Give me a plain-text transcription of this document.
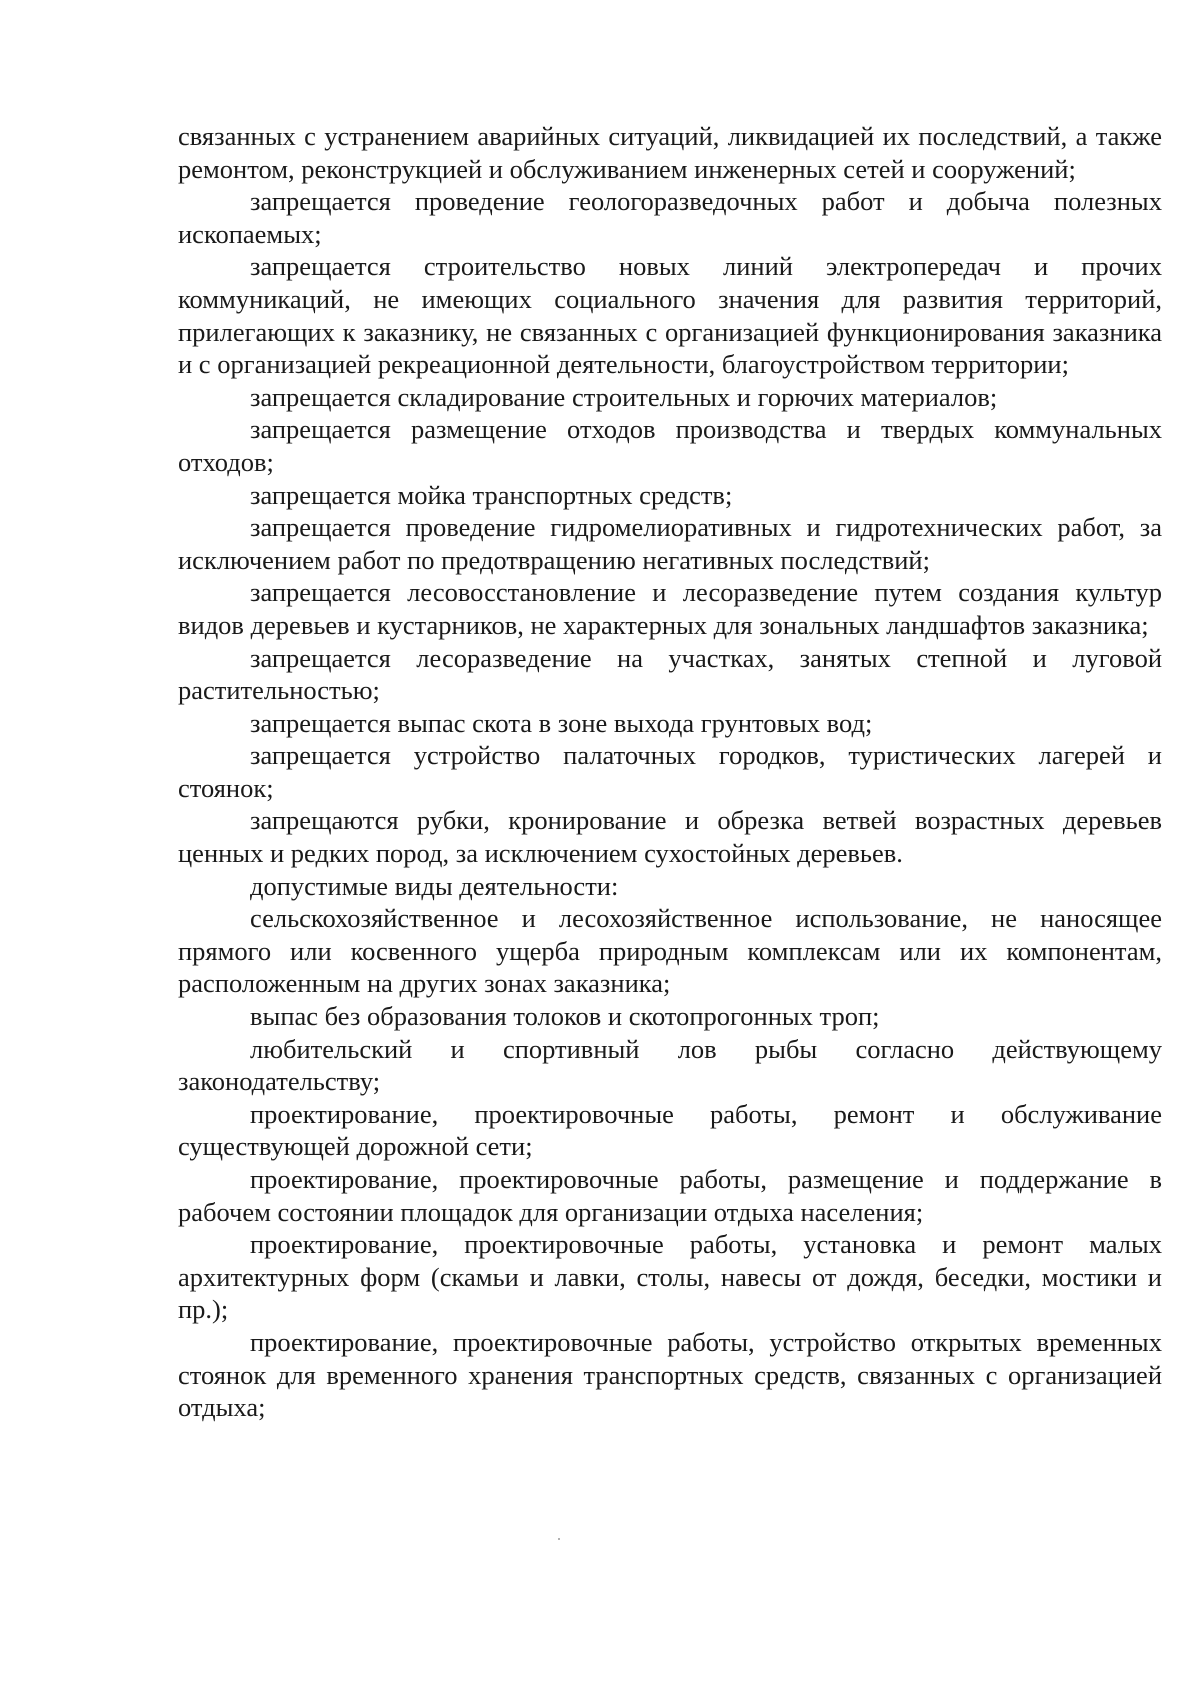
связанных с устранением аварийных ситуаций, ликвидацией их последствий, а также ремонтом, реконструкцией и обслуживанием инженерных сетей и сооружений;

запрещается проведение геологоразведочных работ и добыча полезных ископаемых;

запрещается строительство новых линий электропередач и прочих коммуникаций, не имеющих социального значения для развития территорий, прилегающих к заказнику, не связанных с организацией функционирования заказника и с организацией рекреационной деятельности, благоустройством территории;

запрещается складирование строительных и горючих материалов;

запрещается размещение отходов производства и твердых коммунальных отходов;

запрещается мойка транспортных средств;

запрещается проведение гидромелиоративных и гидротехнических работ, за исключением работ по предотвращению негативных последствий;

запрещается лесовосстановление и лесоразведение путем создания культур видов деревьев и кустарников, не характерных для зональных ландшафтов заказника;

запрещается лесоразведение на участках, занятых степной и луговой растительностью;

запрещается выпас скота в зоне выхода грунтовых вод;

запрещается устройство палаточных городков, туристических лагерей и стоянок;

запрещаются рубки, кронирование и обрезка ветвей возрастных деревьев ценных и редких пород, за исключением сухостойных деревьев.

допустимые виды деятельности:

сельскохозяйственное и лесохозяйственное использование, не наносящее прямого или косвенного ущерба природным комплексам или их компонентам, расположенным на других зонах заказника;

выпас без образования толоков и скотопрогонных троп;

любительский и спортивный лов рыбы согласно действующему законодательству;

проектирование, проектировочные работы, ремонт и обслуживание существующей дорожной сети;

проектирование, проектировочные работы, размещение и поддержание в рабочем состоянии площадок для организации отдыха населения;

проектирование, проектировочные работы, установка и ремонт малых архитектурных форм (скамьи и лавки, столы, навесы от дождя, беседки, мостики и пр.);

проектирование, проектировочные работы, устройство открытых временных стоянок для временного хранения транспортных средств, связанных с организацией отдыха;
